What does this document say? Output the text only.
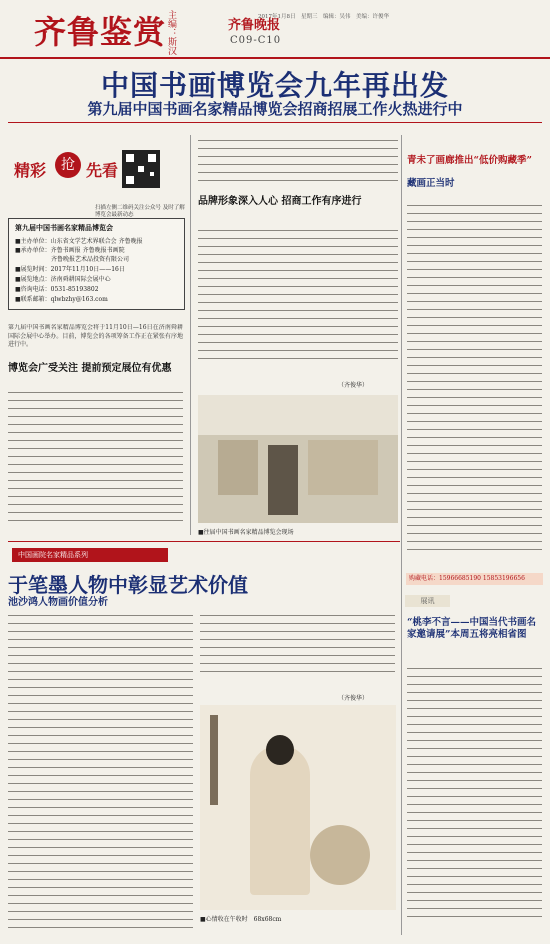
齐鲁鉴赏 主编：斯汉	齐鲁晚报
2017年1月8日　星期三　编辑：吴伟　美编：许俊华
C09-C10
中国书画博览会九年再出发
第九届中国书画名家精品博览会招商招展工作火热进行中
精彩	抢 先看
扫描左侧二维码关注公众号 及时了解博览会最新动态
第九届中国书画名家精品博览会
■主办单位：山东省文学艺术界联合会 齐鲁晚报
■承办单位：齐鲁书画报 齐鲁晚报书画院
　　　　　　齐鲁晚报艺术品投资有限公司
■展览时间：2017年11月10日——16日
■展览地点：济南舜耕国际会展中心
■咨询电话：0531-85193802
■联系邮箱：qlwbzhy@163.com
第九届中国书画名家精品博览会将于11月10日—16日在济南舜耕国际会展中心举办。目前，博览会的各项筹备工作正在紧张有序地进行中。
博览会广受关注 提前预定展位有优惠
品牌形象深入人心 招商工作有序进行
（齐俊华）
■往届中国书画名家精品博览会现场
青未了画廊推出“低价购藏季”
藏画正当时
购藏电话：15966685190 15853196656
展讯
“桃李不言——中国当代书画名家邀请展”本周五将亮相省图
中国画院名家精品系列
于笔墨人物中彰显艺术价值
池沙鸿人物画价值分析
（齐俊华）
■心情收在午收时　68x68cm
